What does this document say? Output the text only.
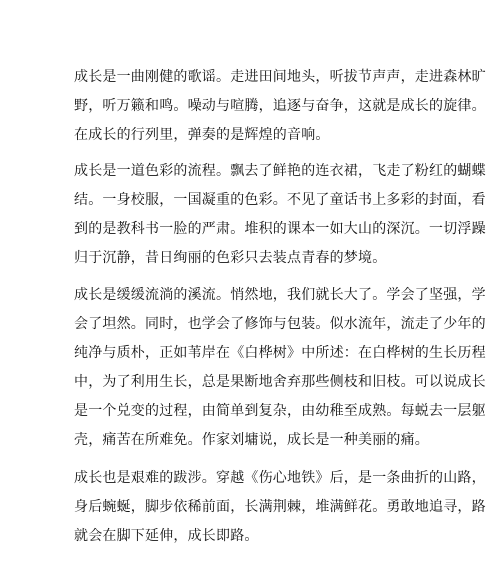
成长是一曲刚健的歌谣。走进田间地头，听拔节声声，走进森林旷
野，听万籁和鸣。噪动与喧腾，追逐与奋争，这就是成长的旋律。
在成长的行列里，弹奏的是辉煌的音响。
成长是一道色彩的流程。飘去了鲜艳的连衣裙，飞走了粉红的蝴蝶
结。一身校服，一国凝重的色彩。不见了童话书上多彩的封面，看
到的是教科书一脸的严肃。堆积的课本一如大山的深沉。一切浮躁
归于沉静，昔日绚丽的色彩只去装点青春的梦境。
成长是缓缓流淌的溪流。悄然地，我们就长大了。学会了坚强，学
会了坦然。同时，也学会了修饰与包装。似水流年，流走了少年的
纯净与质朴，正如苇岸在《白桦树》中所述：在白桦树的生长历程
中，为了利用生长，总是果断地舍弃那些侧枝和旧枝。可以说成长
是一个兑变的过程，由简单到复杂，由幼稚至成熟。每蜕去一层躯
壳，痛苦在所难免。作家刘墉说，成长是一种美丽的痛。
成长也是艰难的跋涉。穿越《伤心地铁》后，是一条曲折的山路，
身后蜿蜒，脚步依稀前面，长满荆棘，堆满鲜花。勇敢地追寻，路
就会在脚下延伸，成长即路。
